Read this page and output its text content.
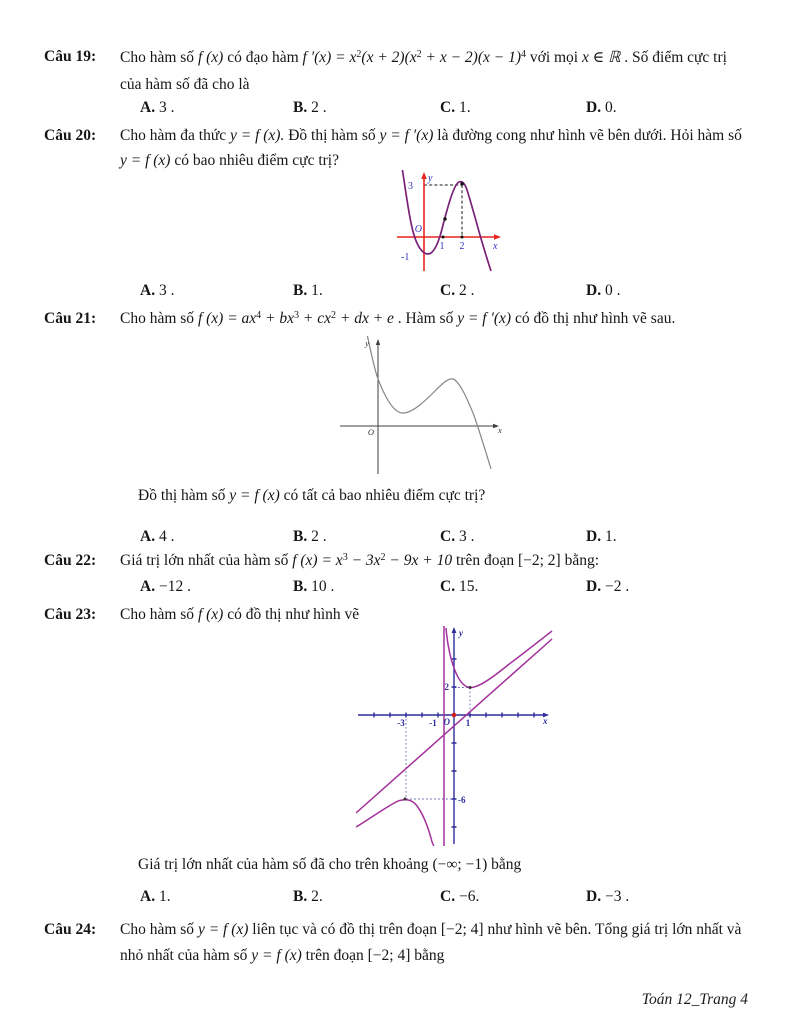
Câu 19: Cho hàm số f (x) có đạo hàm f $'(x) = x^2(x + 2)(x^2 + x - 2)(x - 1)^4$ với mọi x ∈ ℝ . Số điểm cực trị
của hàm số đã cho là
A. 3 .	B. 2 .	C. 1.	D. 0.
Câu 20: Cho hàm đa thức y = f (x). Đồ thị hàm số y = f ′(x) là đường cong như hình vẽ bên dưới. Hỏi hàm số
y = f (x) có bao nhiêu điểm cực trị?
y
3
O
1 2	x
-1
A. 3 .	B. 1.	C. 2 .	D. 0 .
Câu 21: Cho hàm số f $(x) = ax^4 + bx^3 + cx^2$ + dx + e . Hàm số y = f ′(x) có đồ thị như hình vẽ sau.
y
O	x
Đồ thị hàm số y = f (x) có tất cả bao nhiêu điểm cực trị?
A. 4 .	B. 2 .	C. 3 .	D. 1.
Câu 22: Giá trị lớn nhất của hàm số f $(x) = x^3 - 3x^2 - 9x + 10$ trên đoạn [−2; 2] bằng:
A. −12 .	B. 10 .	C. 15.	D. −2 .
Câu 23: Cho hàm số f (x) có đồ thị như hình vẽ
y
x
O
-3	-1	1
2
-6
Giá trị lớn nhất của hàm số đã cho trên khoảng (−∞; −1) bằng
A. 1.	B. 2.	C. −6.	D. −3 .
Câu 24: Cho hàm số y = f (x) liên tục và có đồ thị trên đoạn [−2; 4] như hình vẽ bên. Tổng giá trị lớn nhất và
nhỏ nhất của hàm số y = f (x) trên đoạn [−2; 4] bằng
Toán 12_Trang 4
